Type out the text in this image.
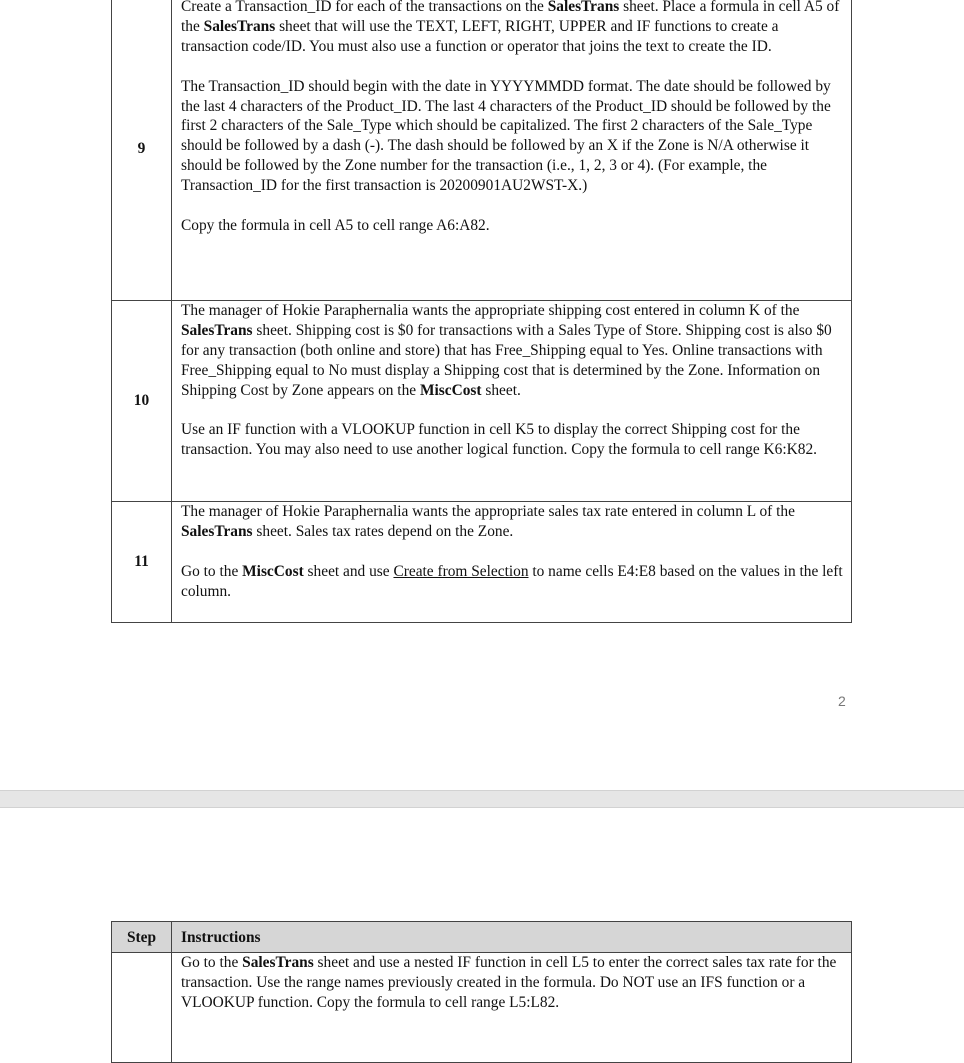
9	Create a Transaction_ID for each of the transactions on the SalesTrans sheet. Place a formula in cell A5 of the SalesTrans sheet that will use the TEXT, LEFT, RIGHT, UPPER and IF functions to create a transaction code/ID. You must also use a function or operator that joins the text to create the ID.

The Transaction_ID should begin with the date in YYYYMMDD format. The date should be followed by the last 4 characters of the Product_ID. The last 4 characters of the Product_ID should be followed by the first 2 characters of the Sale_Type which should be capitalized. The first 2 characters of the Sale_Type should be followed by a dash (-). The dash should be followed by an X if the Zone is N/A otherwise it should be followed by the Zone number for the transaction (i.e., 1, 2, 3 or 4). (For example, the Transaction_ID for the first transaction is 20200901AU2WST-X.)

Copy the formula in cell A5 to cell range A6:A82.

10	The manager of Hokie Paraphernalia wants the appropriate shipping cost entered in column K of the SalesTrans sheet. Shipping cost is $0 for transactions with a Sales Type of Store. Shipping cost is also $0 for any transaction (both online and store) that has Free_Shipping equal to Yes. Online transactions with Free_Shipping equal to No must display a Shipping cost that is determined by the Zone. Information on Shipping Cost by Zone appears on the MiscCost sheet.

Use an IF function with a VLOOKUP function in cell K5 to display the correct Shipping cost for the transaction. You may also need to use another logical function. Copy the formula to cell range K6:K82.

11	The manager of Hokie Paraphernalia wants the appropriate sales tax rate entered in column L of the SalesTrans sheet. Sales tax rates depend on the Zone.

Go to the MiscCost sheet and use Create from Selection to name cells E4:E8 based on the values in the left column.

2
Step	Instructions

	Go to the SalesTrans sheet and use a nested IF function in cell L5 to enter the correct sales tax rate for the transaction. Use the range names previously created in the formula. Do NOT use an IFS function or a VLOOKUP function. Copy the formula to cell range L5:L82.
